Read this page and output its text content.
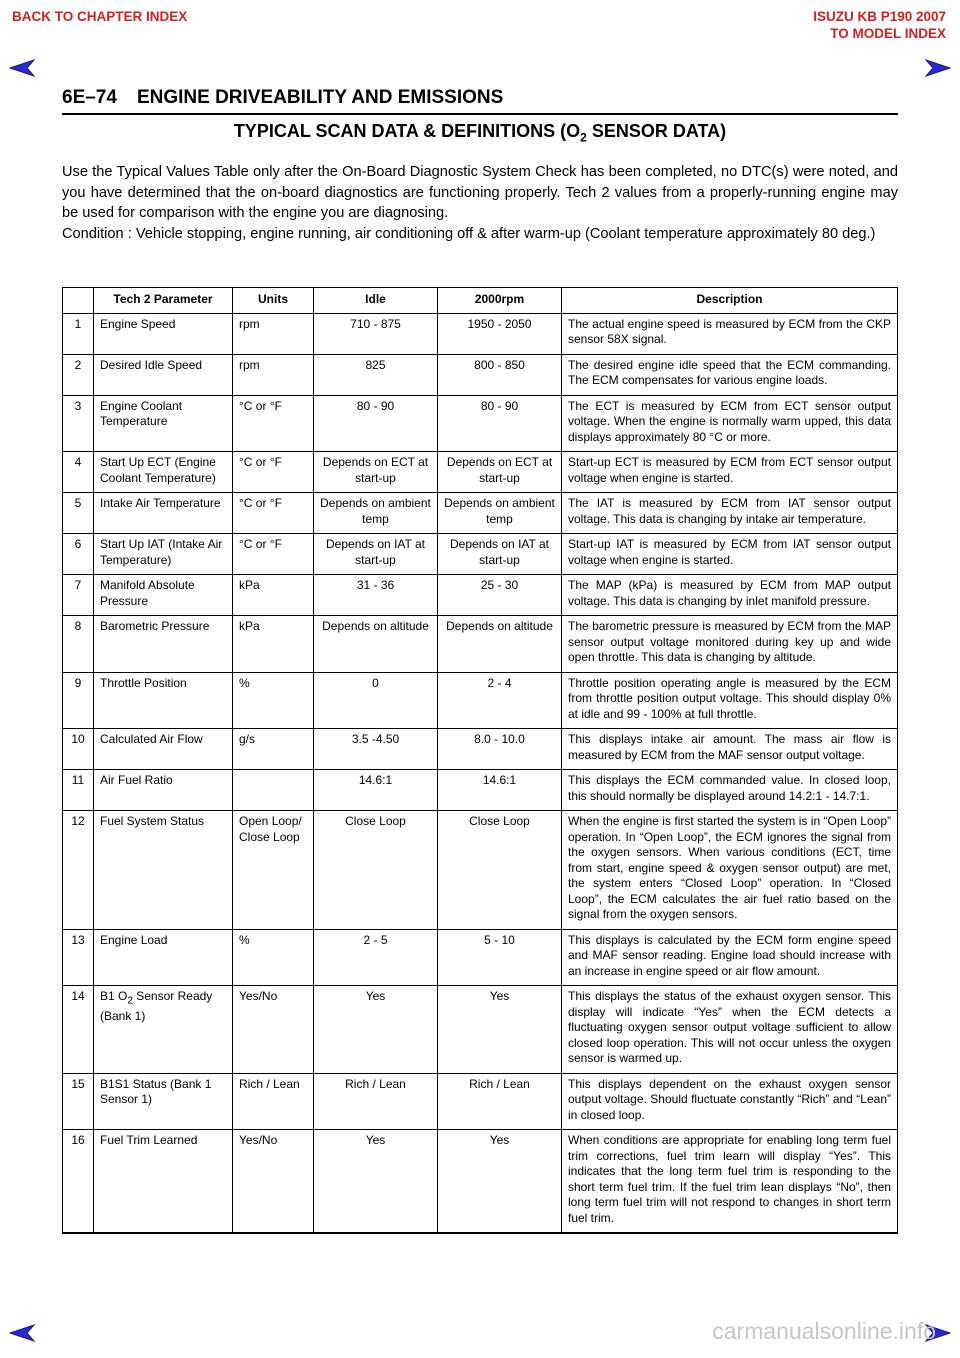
BACK TO CHAPTER INDEX	ISUZU KB P190 2007
TO MODEL INDEX
6E–74 ENGINE DRIVEABILITY AND EMISSIONS
TYPICAL SCAN DATA & DEFINITIONS ($O_2$ SENSOR DATA)

Use the Typical Values Table only after the On-Board Diagnostic System Check has been completed, no DTC(s) were noted, and you have determined that the on-board diagnostics are functioning properly. Tech 2 values from a properly-running engine may be used for comparison with the engine you are diagnosing.

Condition : Vehicle stopping, engine running, air conditioning off & after warm-up (Coolant temperature approximately 80 deg.)

	Tech 2 Parameter	Units	Idle	2000rpm	Description
1	Engine Speed	rpm	710 - 875	1950 - 2050	The actual engine speed is measured by ECM from the CKP sensor 58X signal.
2	Desired Idle Speed	rpm	825	800 - 850	The desired engine idle speed that the ECM commanding. The ECM compensates for various engine loads.
3	Engine Coolant Temperature	°C or °F	80 - 90	80 - 90	The ECT is measured by ECM from ECT sensor output voltage. When the engine is normally warm upped, this data displays approximately 80 °C or more.
4	Start Up ECT (Engine Coolant Temperature)	°C or °F	Depends on ECT at start-up	Depends on ECT at start-up	Start-up ECT is measured by ECM from ECT sensor output voltage when engine is started.
5	Intake Air Temperature	°C or °F	Depends on ambient temp	Depends on ambient temp	The IAT is measured by ECM from IAT sensor output voltage. This data is changing by intake air temperature.
6	Start Up IAT (Intake Air Temperature)	°C or °F	Depends on IAT at start-up	Depends on IAT at start-up	Start-up IAT is measured by ECM from IAT sensor output voltage when engine is started.
7	Manifold Absolute Pressure	kPa	31 - 36	25 - 30	The MAP (kPa) is measured by ECM from MAP output voltage. This data is changing by inlet manifold pressure.
8	Barometric Pressure	kPa	Depends on altitude	Depends on altitude	The barometric pressure is measured by ECM from the MAP sensor output voltage monitored during key up and wide open throttle. This data is changing by altitude.
9	Throttle Position	%	0	2 - 4	Throttle position operating angle is measured by the ECM from throttle position output voltage. This should display 0% at idle and 99 - 100% at full throttle.
10	Calculated Air Flow	g/s	3.5 -4.50	8.0 - 10.0	This displays intake air amount. The mass air flow is measured by ECM from the MAF sensor output voltage.
11	Air Fuel Ratio		14.6:1	14.6:1	This displays the ECM commanded value. In closed loop, this should normally be displayed around 14.2:1 - 14.7:1.
12	Fuel System Status	Open Loop/ Close Loop	Close Loop	Close Loop	When the engine is first started the system is in “Open Loop” operation. In “Open Loop”, the ECM ignores the signal from the oxygen sensors. When various conditions (ECT, time from start, engine speed & oxygen sensor output) are met, the system enters “Closed Loop” operation. In “Closed Loop”, the ECM calculates the air fuel ratio based on the signal from the oxygen sensors.
13	Engine Load	%	2 - 5	5 - 10	This displays is calculated by the ECM form engine speed and MAF sensor reading. Engine load should increase with an increase in engine speed or air flow amount.
14	B1 $O_2$ Sensor Ready (Bank 1)	Yes/No	Yes	Yes	This displays the status of the exhaust oxygen sensor. This display will indicate “Yes” when the ECM detects a fluctuating oxygen sensor output voltage sufficient to allow closed loop operation. This will not occur unless the oxygen sensor is warmed up.
15	B1S1 Status (Bank 1 Sensor 1)	Rich / Lean	Rich / Lean	Rich / Lean	This displays dependent on the exhaust oxygen sensor output voltage. Should fluctuate constantly “Rich” and “Lean” in closed loop.
16	Fuel Trim Learned	Yes/No	Yes	Yes	When conditions are appropriate for enabling long term fuel trim corrections, fuel trim learn will display “Yes”. This indicates that the long term fuel trim is responding to the short term fuel trim. If the fuel trim lean displays “No”, then long term fuel trim will not respond to changes in short term fuel trim.
carmanualsonline.info
